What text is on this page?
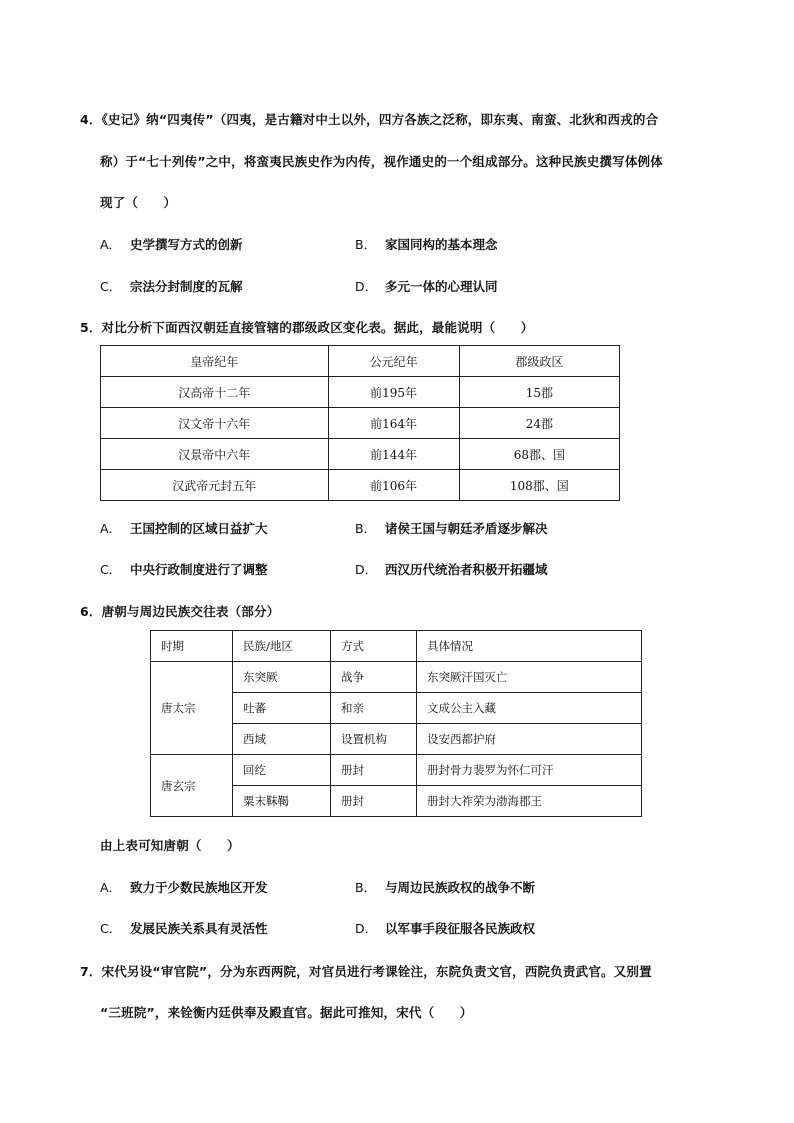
4．《史记》纳“四夷传”（四夷，是古籍对中土以外，四方各族之泛称，即东夷、南蛮、北狄和西戎的合
称）于“七十列传”之中，将蛮夷民族史作为内传，视作通史的一个组成部分。这种民族史撰写体例体
现了（　　）
A． 史学撰写方式的创新	B． 家国同构的基本理念
C． 宗法分封制度的瓦解	D． 多元一体的心理认同
5．对比分析下面西汉朝廷直接管辖的郡级政区变化表。据此，最能说明（　　）
皇帝纪年	公元纪年	郡级政区
汉高帝十二年	前195年	15郡
汉文帝十六年	前164年	24郡
汉景帝中六年	前144年	68郡、国
汉武帝元封五年	前106年	108郡、国
A． 王国控制的区域日益扩大	B． 诸侯王国与朝廷矛盾逐步解决
C． 中央行政制度进行了调整	D． 西汉历代统治者积极开拓疆域
6．唐朝与周边民族交往表（部分）
时期	民族/地区	方式	具体情况
唐太宗	东突厥	战争	东突厥汗国灭亡
	吐蕃	和亲	文成公主入藏
	西域	设置机构	设安西都护府
唐玄宗	回纥	册封	册封骨力裴罗为怀仁可汗
	粟末靺鞨	册封	册封大祚荣为渤海郡王
由上表可知唐朝（　　）
A． 致力于少数民族地区开发	B． 与周边民族政权的战争不断
C． 发展民族关系具有灵活性	D． 以军事手段征服各民族政权
7．宋代另设“审官院”，分为东西两院，对官员进行考课铨注，东院负责文官，西院负责武官。又别置
“三班院”，来铨衡内廷供奉及殿直官。据此可推知，宋代（　　）
